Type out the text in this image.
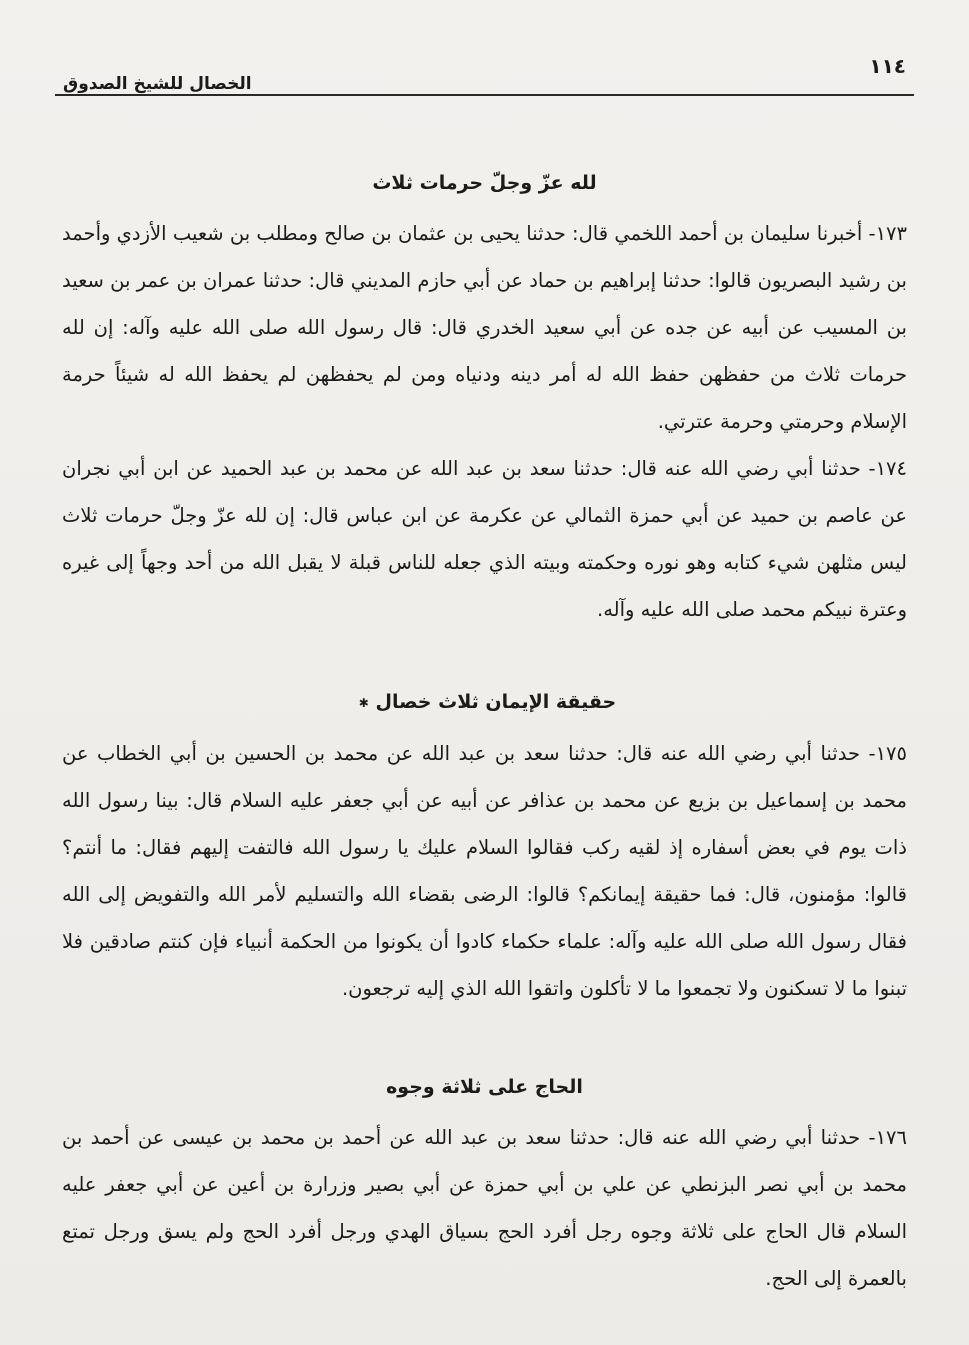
١١٤
الخصال للشيخ الصدوق
لله عزّ وجلّ حرمات ثلاث

١٧٣- أخبرنا سليمان بن أحمد اللخمي قال: حدثنا يحيى بن عثمان بن صالح ومطلب بن شعيب الأزدي وأحمد بن رشيد البصريون قالوا: حدثنا إبراهيم بن حماد عن أبي حازم المديني قال: حدثنا عمران بن عمر بن سعيد بن المسيب عن أبيه عن جده عن أبي سعيد الخدري قال: قال رسول الله صلى الله عليه وآله: إن لله حرمات ثلاث من حفظهن حفظ الله له أمر دينه ودنياه ومن لم يحفظهن لم يحفظ الله له شيئاً حرمة الإسلام وحرمتي وحرمة عترتي.

١٧٤- حدثنا أبي رضي الله عنه قال: حدثنا سعد بن عبد الله عن محمد بن عبد الحميد عن ابن أبي نجران عن عاصم بن حميد عن أبي حمزة الثمالي عن عكرمة عن ابن عباس قال: إن لله عزّ وجلّ حرمات ثلاث ليس مثلهن شيء كتابه وهو نوره وحكمته وبيته الذي جعله للناس قبلة لا يقبل الله من أحد وجهاً إلى غيره وعترة نبيكم محمد صلى الله عليه وآله.

حقيقة الإيمان ثلاث خصال ✱

١٧٥- حدثنا أبي رضي الله عنه قال: حدثنا سعد بن عبد الله عن محمد بن الحسين بن أبي الخطاب عن محمد بن إسماعيل بن بزيع عن محمد بن عذافر عن أبيه عن أبي جعفر عليه السلام قال: بينا رسول الله ذات يوم في بعض أسفاره إذ لقيه ركب فقالوا السلام عليك يا رسول الله فالتفت إليهم فقال: ما أنتم؟ قالوا: مؤمنون، قال: فما حقيقة إيمانكم؟ قالوا: الرضى بقضاء الله والتسليم لأمر الله والتفويض إلى الله فقال رسول الله صلى الله عليه وآله: علماء حكماء كادوا أن يكونوا من الحكمة أنبياء فإن كنتم صادقين فلا تبنوا ما لا تسكنون ولا تجمعوا ما لا تأكلون واتقوا الله الذي إليه ترجعون.

الحاج على ثلاثة وجوه

١٧٦- حدثنا أبي رضي الله عنه قال: حدثنا سعد بن عبد الله عن أحمد بن محمد بن عيسى عن أحمد بن محمد بن أبي نصر البزنطي عن علي بن أبي حمزة عن أبي بصير وزرارة بن أعين عن أبي جعفر عليه السلام قال الحاج على ثلاثة وجوه رجل أفرد الحج بسياق الهدي ورجل أفرد الحج ولم يسق ورجل تمتع بالعمرة إلى الحج.
